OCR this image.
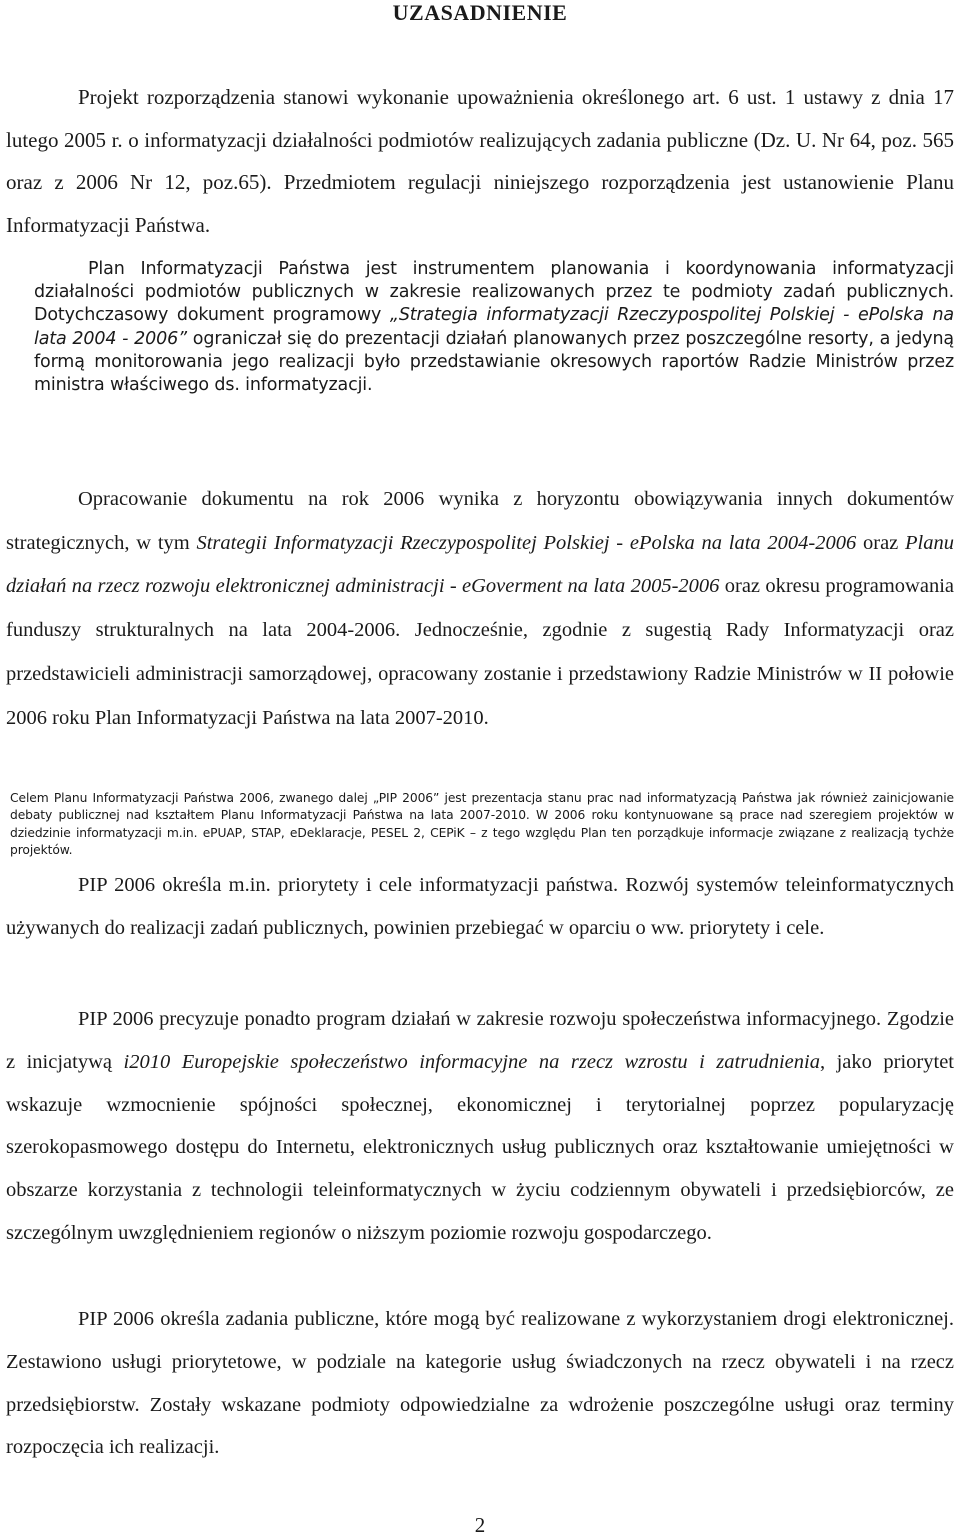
UZASADNIENIE

Projekt rozporządzenia stanowi wykonanie upoważnienia określonego art. 6 ust. 1 ustawy z dnia 17 lutego 2005 r. o informatyzacji działalności podmiotów realizujących zadania publiczne (Dz. U. Nr 64, poz. 565 oraz z 2006 Nr 12, poz.65). Przedmiotem regulacji niniejszego rozporządzenia jest ustanowienie Planu Informatyzacji Państwa.

Plan Informatyzacji Państwa jest instrumentem planowania i koordynowania informatyzacji działalności podmiotów publicznych w zakresie realizowanych przez te podmioty zadań publicznych. Dotychczasowy dokument programowy „Strategia informatyzacji Rzeczypospolitej Polskiej - ePolska na lata 2004 - 2006” ograniczał się do prezentacji działań planowanych przez poszczególne resorty, a jedyną formą monitorowania jego realizacji było przedstawianie okresowych raportów Radzie Ministrów przez ministra właściwego ds. informatyzacji.

Opracowanie dokumentu na rok 2006 wynika z horyzontu obowiązywania innych dokumentów strategicznych, w tym Strategii Informatyzacji Rzeczypospolitej Polskiej - ePolska na lata 2004-2006 oraz Planu działań na rzecz rozwoju elektronicznej administracji - eGoverment na lata 2005-2006 oraz okresu programowania funduszy strukturalnych na lata 2004-2006. Jednocześnie, zgodnie z sugestią Rady Informatyzacji oraz przedstawicieli administracji samorządowej, opracowany zostanie i przedstawiony Radzie Ministrów w II połowie 2006 roku Plan Informatyzacji Państwa na lata 2007-2010.

Celem Planu Informatyzacji Państwa 2006, zwanego dalej „PIP 2006” jest prezentacja stanu prac nad informatyzacją Państwa jak również zainicjowanie debaty publicznej nad kształtem Planu Informatyzacji Państwa na lata 2007-2010. W 2006 roku kontynuowane są prace nad szeregiem projektów w dziedzinie informatyzacji m.in. ePUAP, STAP, eDeklaracje, PESEL 2, CEPiK – z tego względu Plan ten porządkuje informacje związane z realizacją tychże projektów.

PIP 2006 określa m.in. priorytety i cele informatyzacji państwa. Rozwój systemów teleinformatycznych używanych do realizacji zadań publicznych, powinien przebiegać w oparciu o ww. priorytety i cele.

PIP 2006 precyzuje ponadto program działań w zakresie rozwoju społeczeństwa informacyjnego. Zgodzie z inicjatywą i2010 Europejskie społeczeństwo informacyjne na rzecz wzrostu i zatrudnienia, jako priorytet wskazuje wzmocnienie spójności społecznej, ekonomicznej i terytorialnej poprzez popularyzację szerokopasmowego dostępu do Internetu, elektronicznych usług publicznych oraz kształtowanie umiejętności w obszarze korzystania z technologii teleinformatycznych w życiu codziennym obywateli i przedsiębiorców, ze szczególnym uwzględnieniem regionów o niższym poziomie rozwoju gospodarczego.

PIP 2006 określa zadania publiczne, które mogą być realizowane z wykorzystaniem drogi elektronicznej. Zestawiono usługi priorytetowe, w podziale na kategorie usług świadczonych na rzecz obywateli i na rzecz przedsiębiorstw. Zostały wskazane podmioty odpowiedzialne za wdrożenie poszczególne usługi oraz terminy rozpoczęcia ich realizacji.

2
